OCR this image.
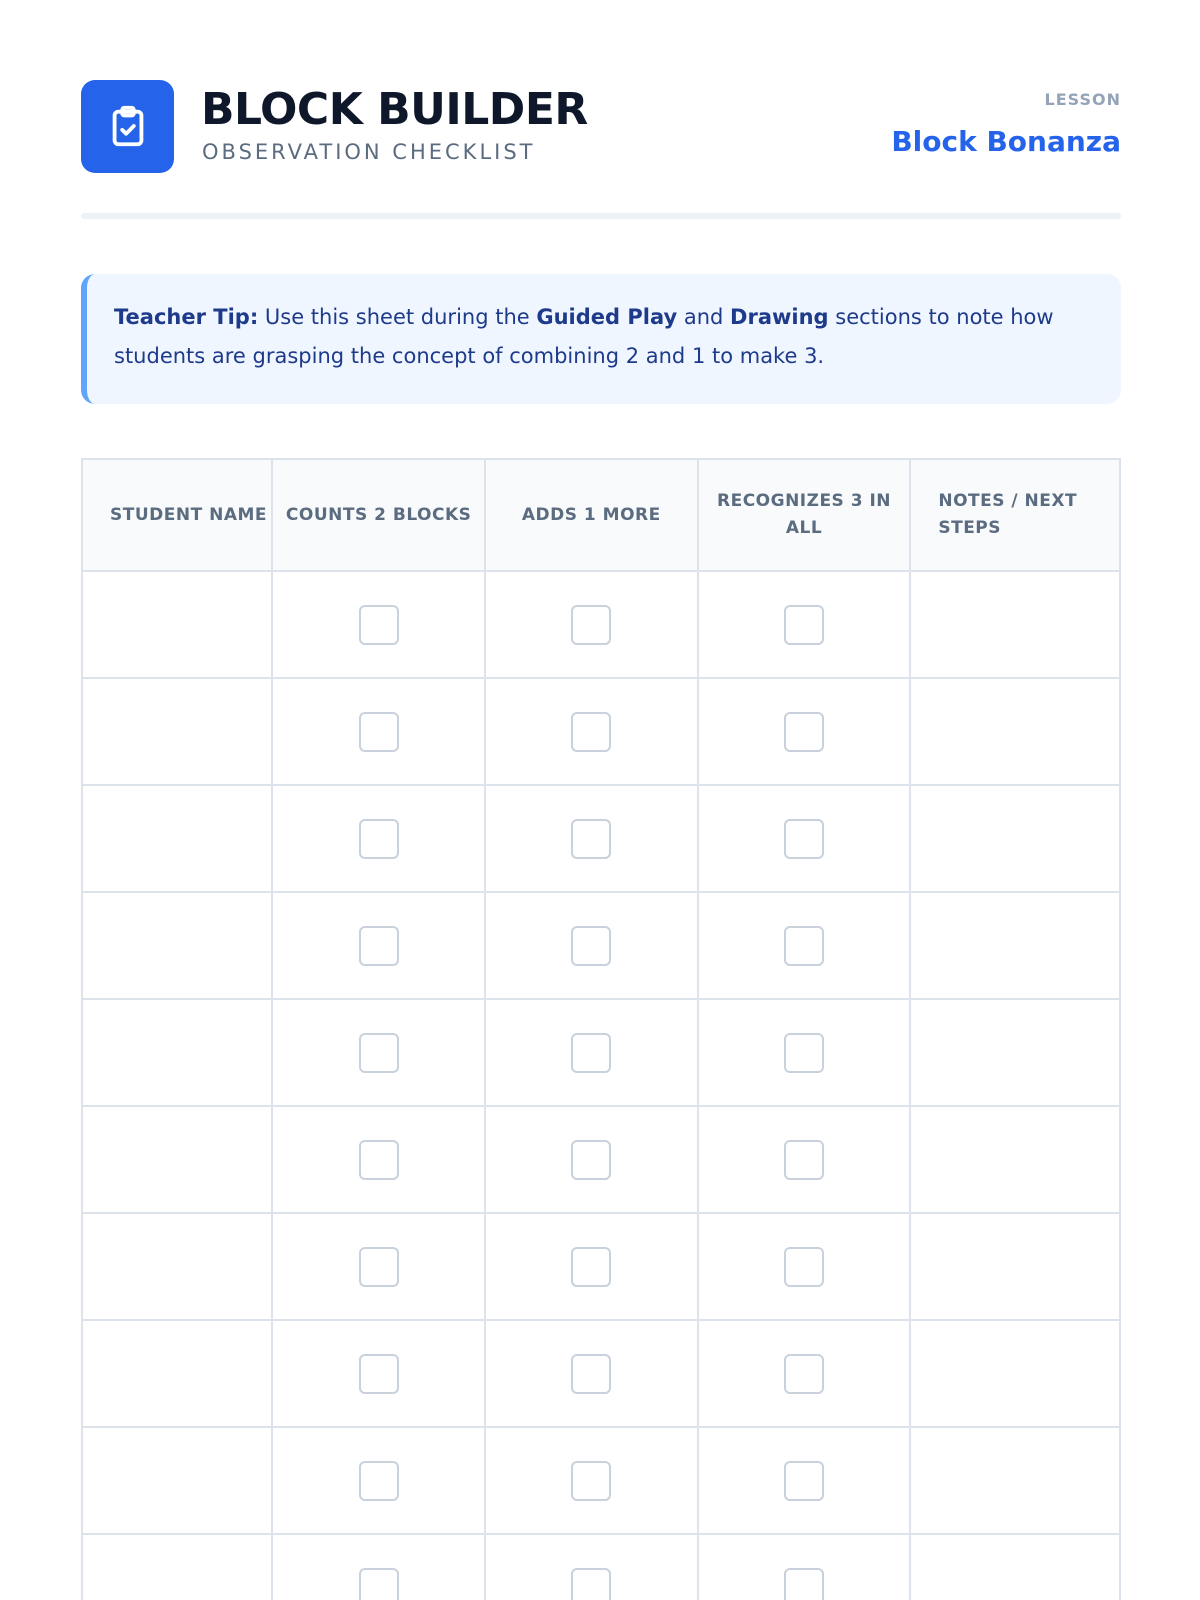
BLOCK BUILDER
OBSERVATION CHECKLIST
LESSON
Block Bonanza
Teacher Tip: Use this sheet during the Guided Play and Drawing sections to note how students are grasping the concept of combining 2 and 1 to make 3.
STUDENT NAME	COUNTS 2 BLOCKS	ADDS 1 MORE	RECOGNIZES 3 IN ALL	NOTES / NEXT STEPS
